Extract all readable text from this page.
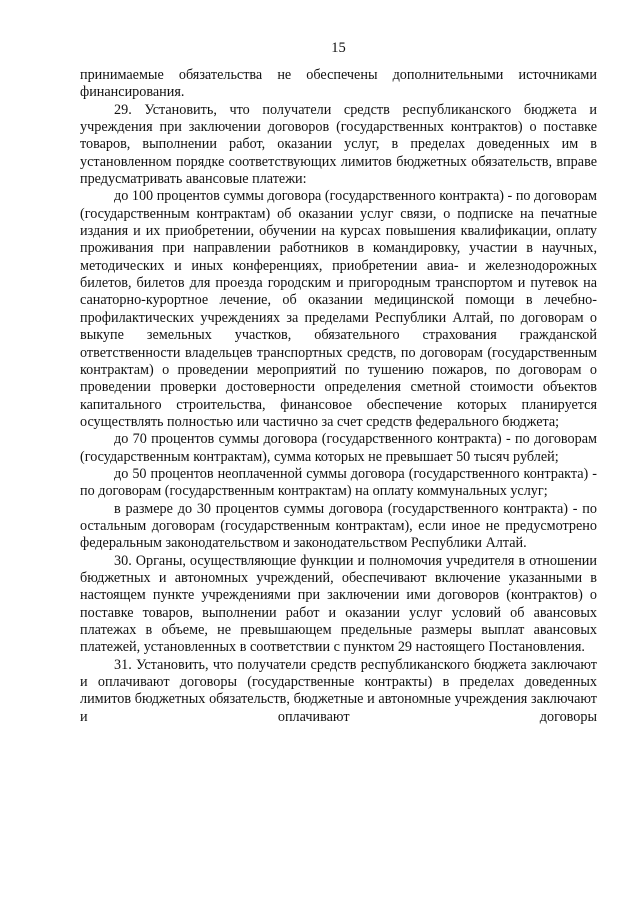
15

принимаемые обязательства не обеспечены дополнительными источниками финансирования.

29. Установить, что получатели средств республиканского бюджета и учреждения при заключении договоров (государственных контрактов) о поставке товаров, выполнении работ, оказании услуг, в пределах доведенных им в установленном порядке соответствующих лимитов бюджетных обязательств, вправе предусматривать авансовые платежи:

до 100 процентов суммы договора (государственного контракта) - по договорам (государственным контрактам) об оказании услуг связи, о подписке на печатные издания и их приобретении, обучении на курсах повышения квалификации, оплату проживания при направлении работников в командировку, участии в научных, методических и иных конференциях, приобретении авиа- и железнодорожных билетов, билетов для проезда городским и пригородным транспортом и путевок на санаторно-курортное лечение, об оказании медицинской помощи в лечебно-профилактических учреждениях за пределами Республики Алтай, по договорам о выкупе земельных участков, обязательного страхования гражданской ответственности владельцев транспортных средств, по договорам (государственным контрактам) о проведении мероприятий по тушению пожаров, по договорам о проведении проверки достоверности определения сметной стоимости объектов капитального строительства, финансовое обеспечение которых планируется осуществлять полностью или частично за счет средств федерального бюджета;

до 70 процентов суммы договора (государственного контракта) - по договорам (государственным контрактам), сумма которых не превышает 50 тысяч рублей;

до 50 процентов неоплаченной суммы договора (государственного контракта) - по договорам (государственным контрактам) на оплату коммунальных услуг;

в размере до 30 процентов суммы договора (государственного контракта) - по остальным договорам (государственным контрактам), если иное не предусмотрено федеральным законодательством и законодательством Республики Алтай.

30. Органы, осуществляющие функции и полномочия учредителя в отношении бюджетных и автономных учреждений, обеспечивают включение указанными в настоящем пункте учреждениями при заключении ими договоров (контрактов) о поставке товаров, выполнении работ и оказании услуг условий об авансовых платежах в объеме, не превышающем предельные размеры выплат авансовых платежей, установленных в соответствии с пунктом 29 настоящего Постановления.

31. Установить, что получатели средств республиканского бюджета заключают и оплачивают договоры (государственные контракты) в пределах доведенных лимитов бюджетных обязательств, бюджетные и автономные учреждения заключают и оплачивают договоры
